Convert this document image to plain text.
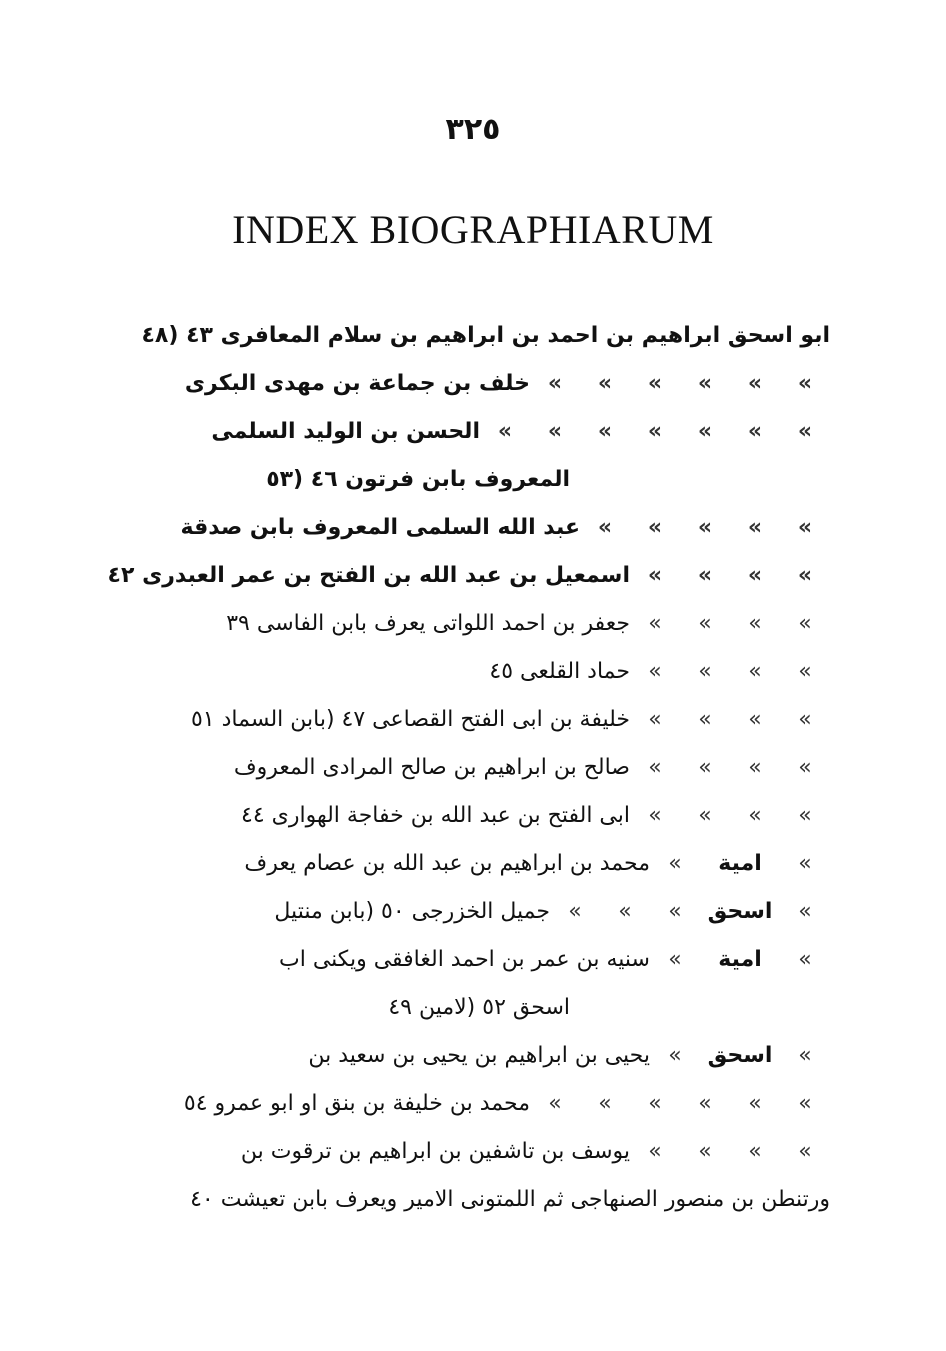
٣٢٥
INDEX BIOGRAPHIARUM
ابو اسحق ابراهيم بن احمد بن ابراهيم بن سلام المعافرى ٤٣ (٤٨
»»»»»»خلف بن جماعة بن مهدى البكرى
»»»»»»»الحسن بن الوليد السلمى
المعروف بابن فرتون ٤٦ (٥٣
»»»»»عبد الله السلمى المعروف بابن صدقة
»»»»اسمعيل بن عبد الله بن الفتح بن عمر العبدرى ٤٢
»»»»جعفر بن احمد اللواتى يعرف بابن الفاسى ٣٩
»»»»حماد القلعى ٤٥
»»»»خليفة بن ابى الفتح القصاعى ٤٧ (بابن السماد ٥١
»»»»صالح بن ابراهيم بن صالح المرادى المعروف
»»»»ابى الفتح بن عبد الله بن خفاجة الهوارى ٤٤
»امية»محمد بن ابراهيم بن عبد الله بن عصام يعرف
»اسحق»»»جميل الخزرجى ٥٠ (بابن منتيل
»امية»سنيه بن عمر بن احمد الغافقى ويكنى اب
اسحق ٥٢ (لامين ٤٩
»اسحق»يحيى بن ابراهيم بن يحيى بن سعيد بن
»»»»»»محمد بن خليفة بن بنق او ابو عمرو ٥٤
»»»»يوسف بن تاشفين بن ابراهيم بن ترقوت بن
ورتنطن بن منصور الصنهاجى ثم اللمتونى الامير ويعرف بابن تعيشت ٤٠
